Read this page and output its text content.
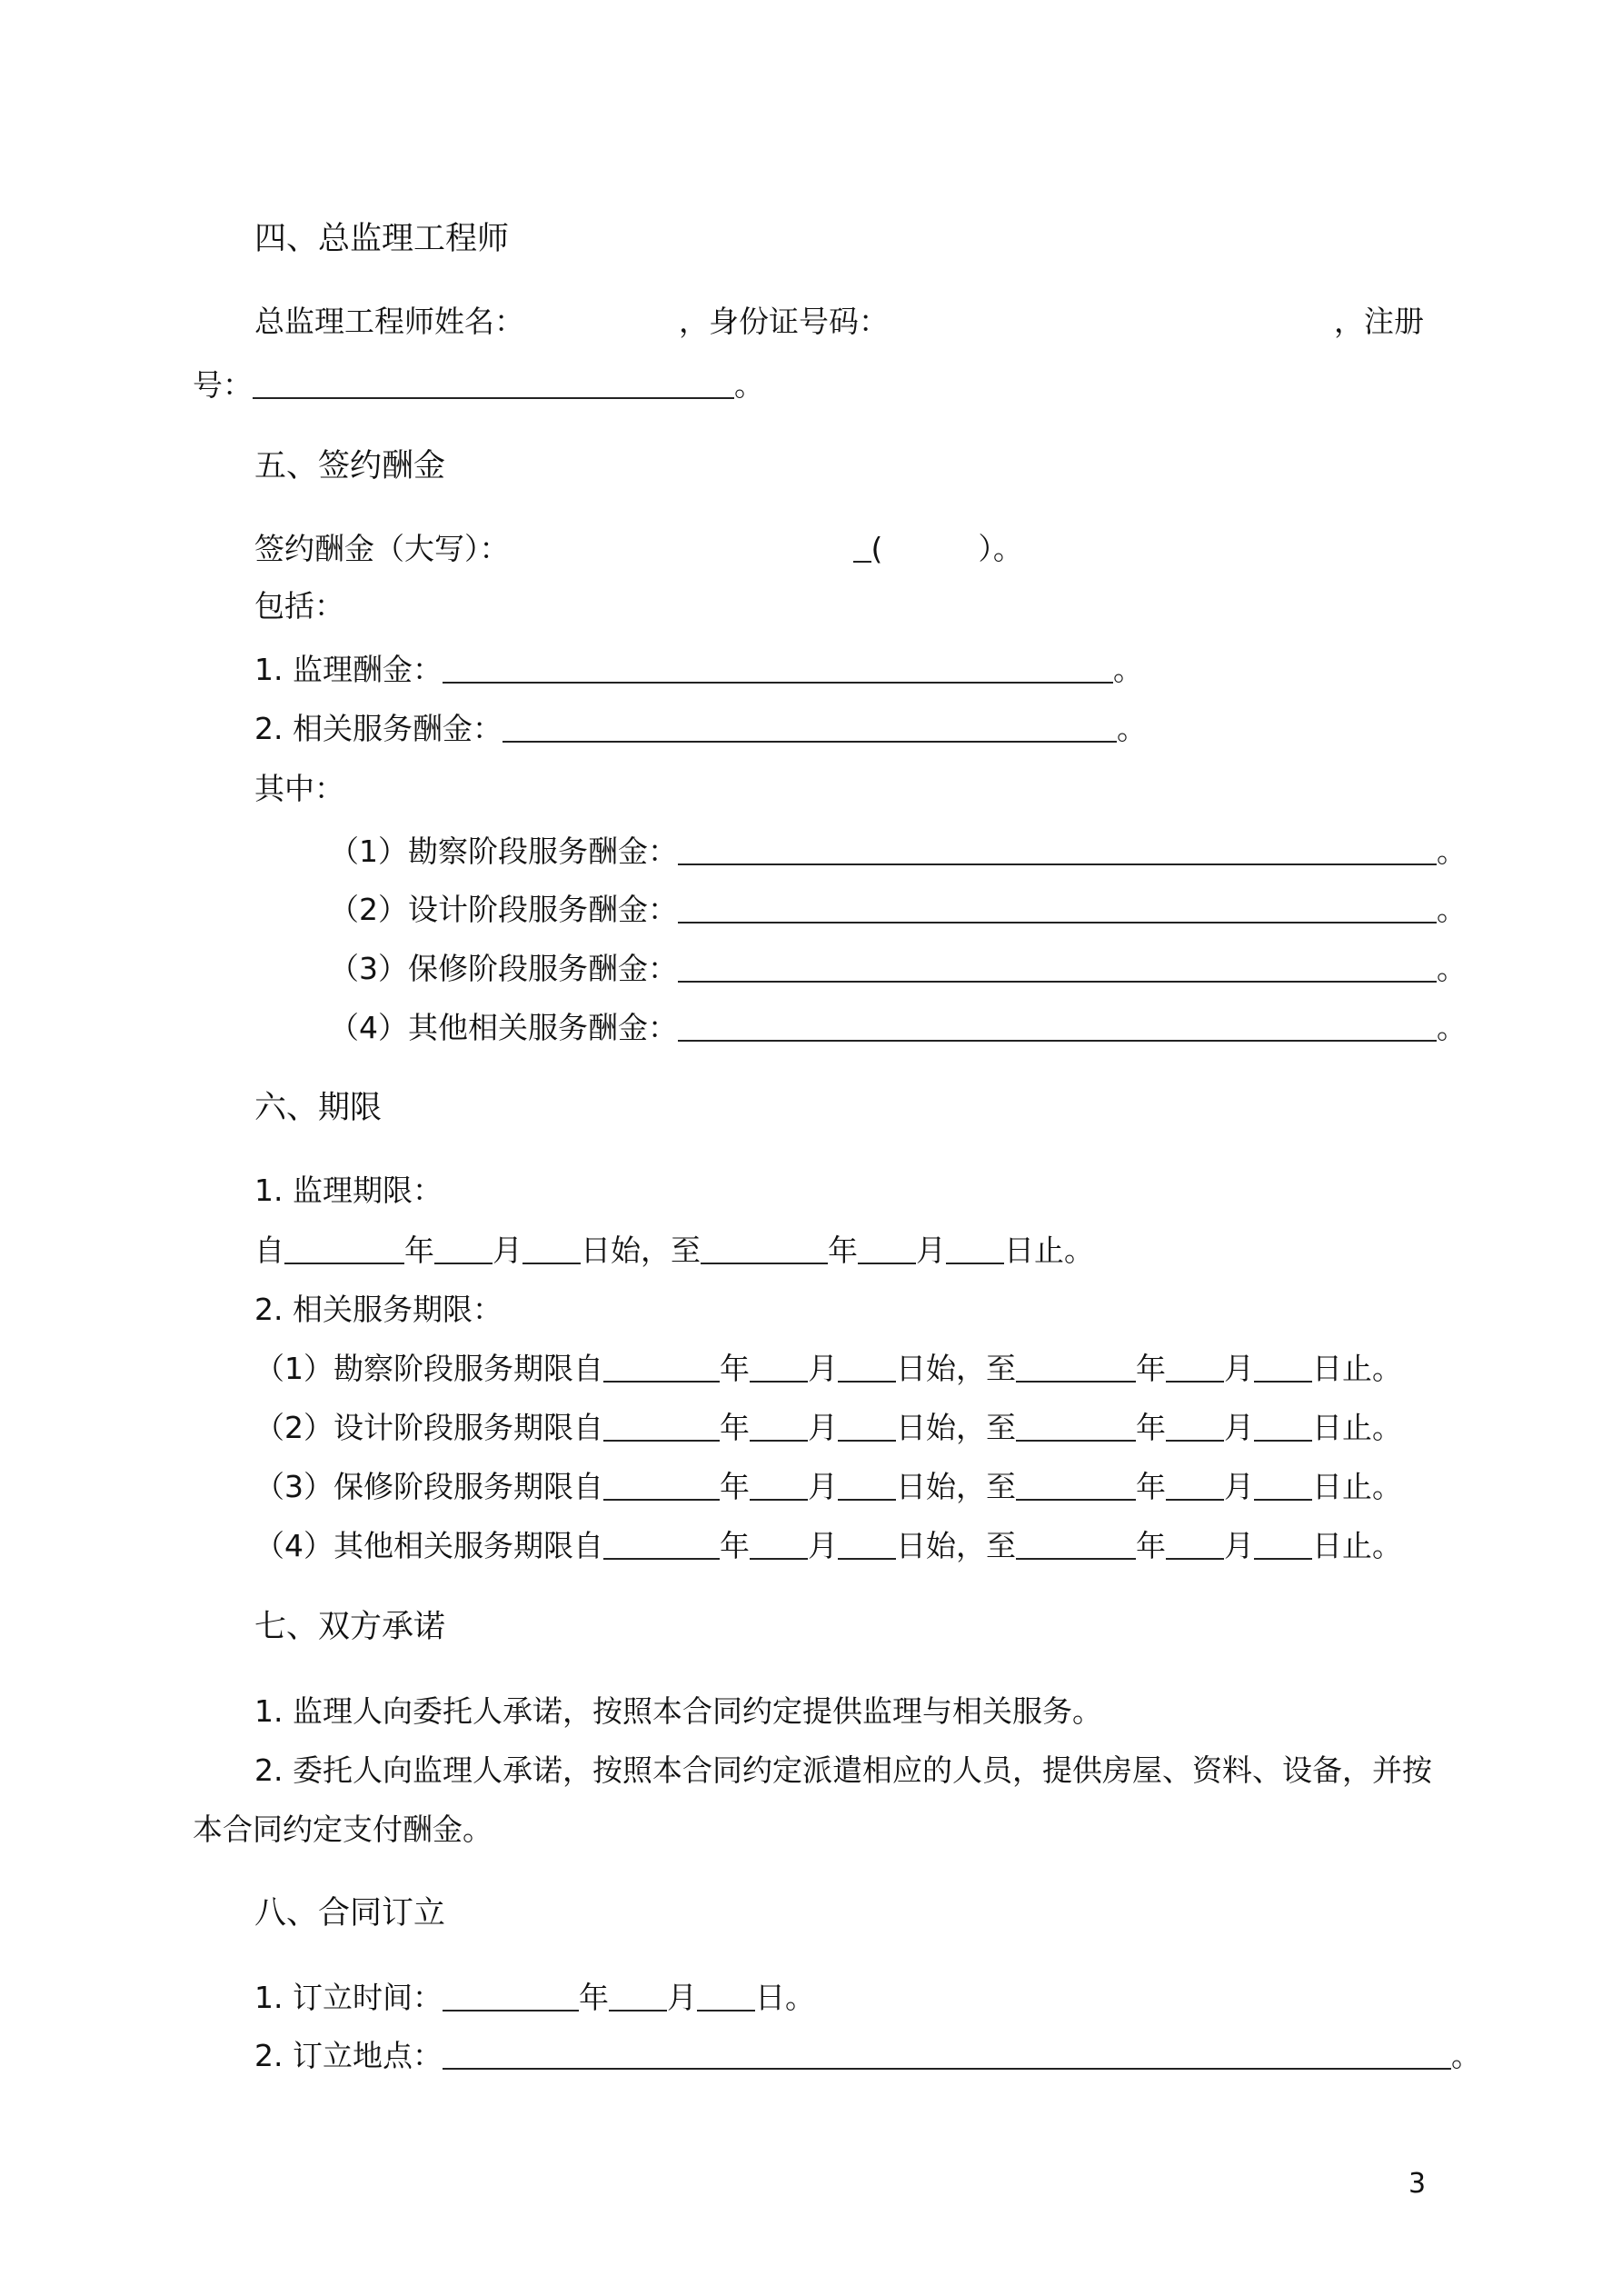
四、总监理工程师
总监理工程师姓名：	，身份证号码：	，注册
号：	。
五、签约酬金
签约酬金（大写）：	(	）。
包括：
1. 监理酬金：	。
2. 相关服务酬金：	。
其中：
（1）勘察阶段服务酬金：	。
（2）设计阶段服务酬金：	。
（3）保修阶段服务酬金：	。
（4）其他相关服务酬金：	。
六、期限
1. 监理期限：
自	年 月 日始，至	年 月 日止。
2. 相关服务期限：
（1）勘察阶段服务期限自	年 月 日始，至	年 月 日止。
（2）设计阶段服务期限自	年 月 日始，至	年 月 日止。
（3）保修阶段服务期限自	年 月 日始，至	年 月 日止。
（4）其他相关服务期限自	年 月 日始，至	年 月 日止。
七、双方承诺
1. 监理人向委托人承诺，按照本合同约定提供监理与相关服务。
2. 委托人向监理人承诺，按照本合同约定派遣相应的人员，提供房屋、资料、设备，并按
本合同约定支付酬金。
八、合同订立
1. 订立时间：	年 月 日。
2. 订立地点：	。
3
